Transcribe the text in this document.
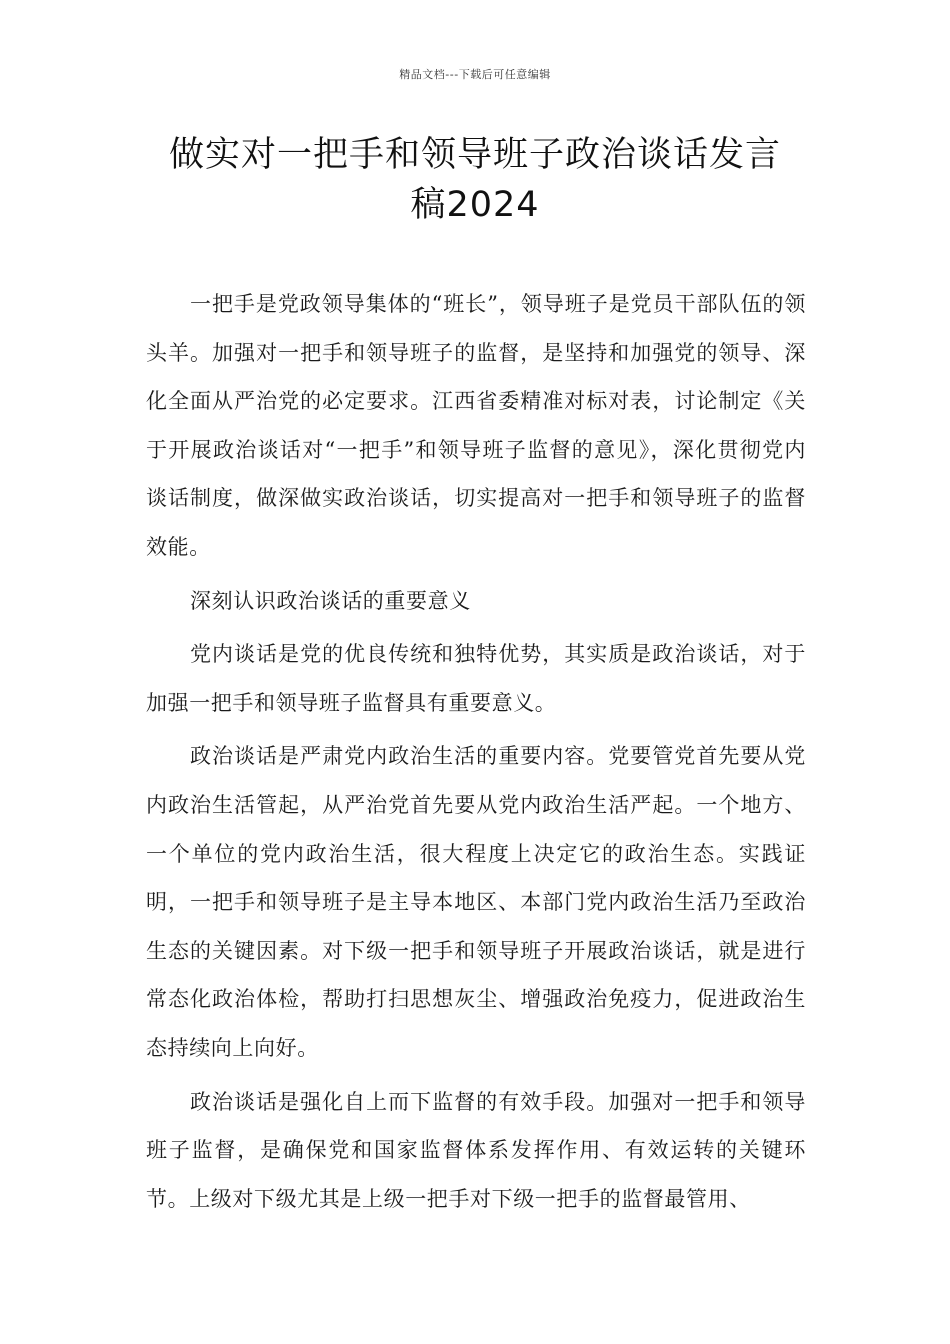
精品文档---下载后可任意编辑
做实对一把手和领导班子政治谈话发言
稿2024

一把手是党政领导集体的“班长”，领导班子是党员干部队伍的领头羊。加强对一把手和领导班子的监督，是坚持和加强党的领导、深化全面从严治党的必定要求。江西省委精准对标对表，讨论制定《关于开展政治谈话对“一把手”和领导班子监督的意见》，深化贯彻党内谈话制度，做深做实政治谈话，切实提高对一把手和领导班子的监督效能。

深刻认识政治谈话的重要意义

党内谈话是党的优良传统和独特优势，其实质是政治谈话，对于加强一把手和领导班子监督具有重要意义。

政治谈话是严肃党内政治生活的重要内容。党要管党首先要从党内政治生活管起，从严治党首先要从党内政治生活严起。一个地方、一个单位的党内政治生活，很大程度上决定它的政治生态。实践证明，一把手和领导班子是主导本地区、本部门党内政治生活乃至政治生态的关键因素。对下级一把手和领导班子开展政治谈话，就是进行常态化政治体检，帮助打扫思想灰尘、增强政治免疫力，促进政治生态持续向上向好。

政治谈话是强化自上而下监督的有效手段。加强对一把手和领导班子监督，是确保党和国家监督体系发挥作用、有效运转的关键环节。上级对下级尤其是上级一把手对下级一把手的监督最管用、
